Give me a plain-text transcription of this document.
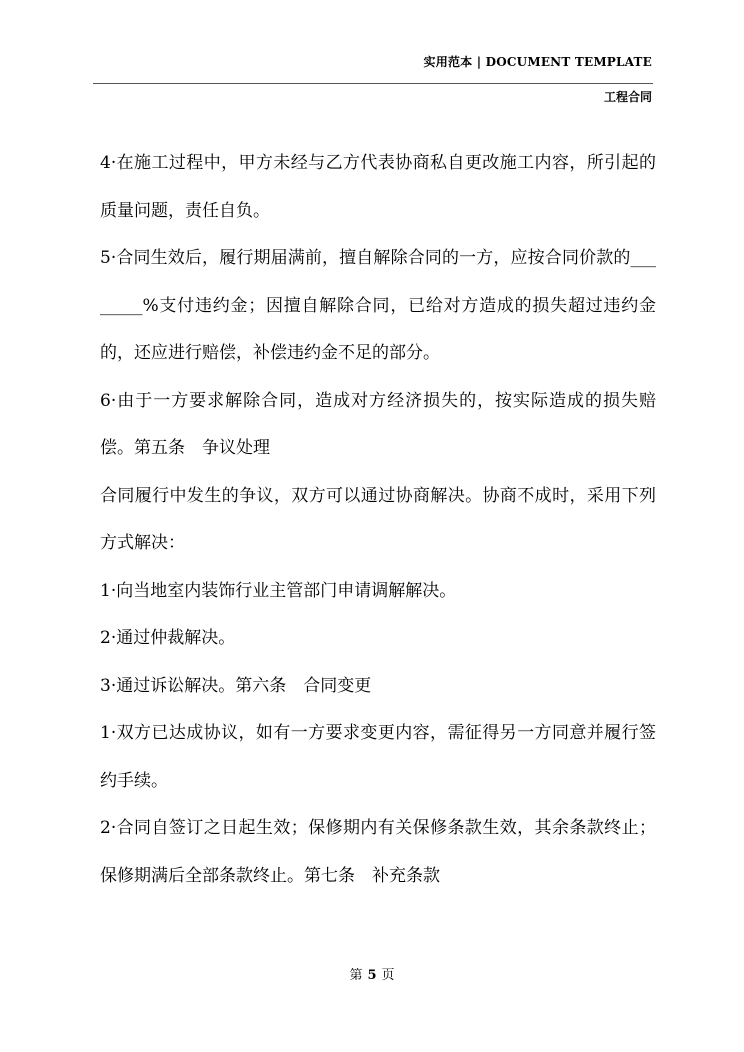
实用范本 | DOCUMENT TEMPLATE
工程合同

4·在施工过程中，甲方未经与乙方代表协商私自更改施工内容，所引起的质量问题，责任自负。

5·合同生效后，履行期届满前，擅自解除合同的一方，应按合同价款的________%支付违约金；因擅自解除合同，已给对方造成的损失超过违约金的，还应进行赔偿，补偿违约金不足的部分。

6·由于一方要求解除合同，造成对方经济损失的，按实际造成的损失赔偿。第五条　争议处理

合同履行中发生的争议，双方可以通过协商解决。协商不成时，采用下列方式解决：

1·向当地室内装饰行业主管部门申请调解解决。

2·通过仲裁解决。

3·通过诉讼解决。第六条　合同变更

1·双方已达成协议，如有一方要求变更内容，需征得另一方同意并履行签约手续。

2·合同自签订之日起生效；保修期内有关保修条款生效，其余条款终止；保修期满后全部条款终止。第七条　补充条款

第 5 页
